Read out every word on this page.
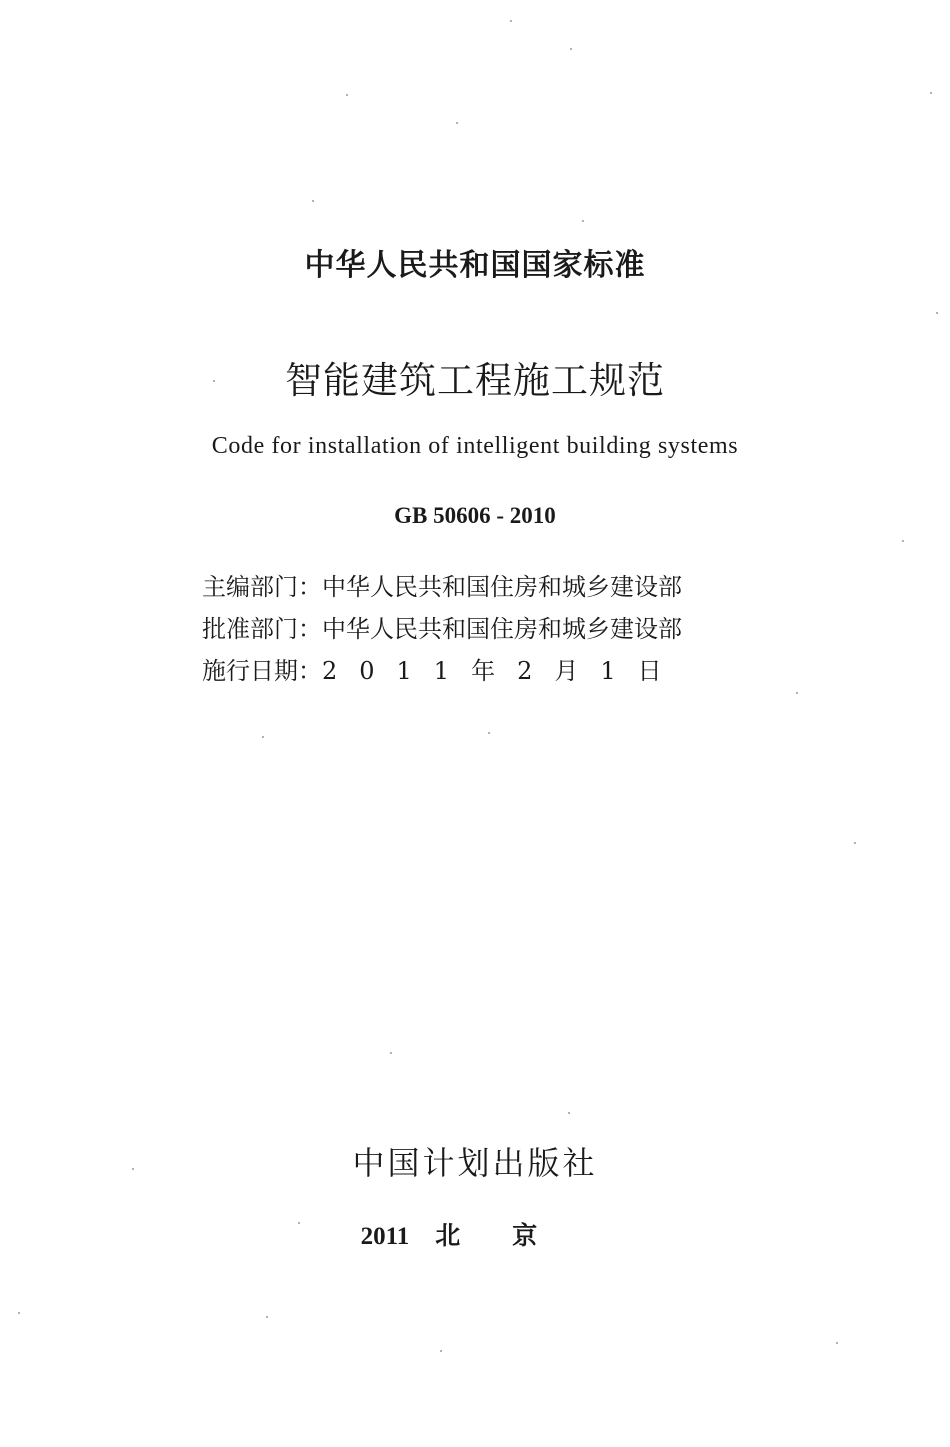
中华人民共和国国家标准
智能建筑工程施工规范
Code for installation of intelligent building systems
GB 50606 - 2010
主编部门：中华人民共和国住房和城乡建设部
批准部门：中华人民共和国住房和城乡建设部
施行日期：2011年2月1日
中国计划出版社
2011 北京
